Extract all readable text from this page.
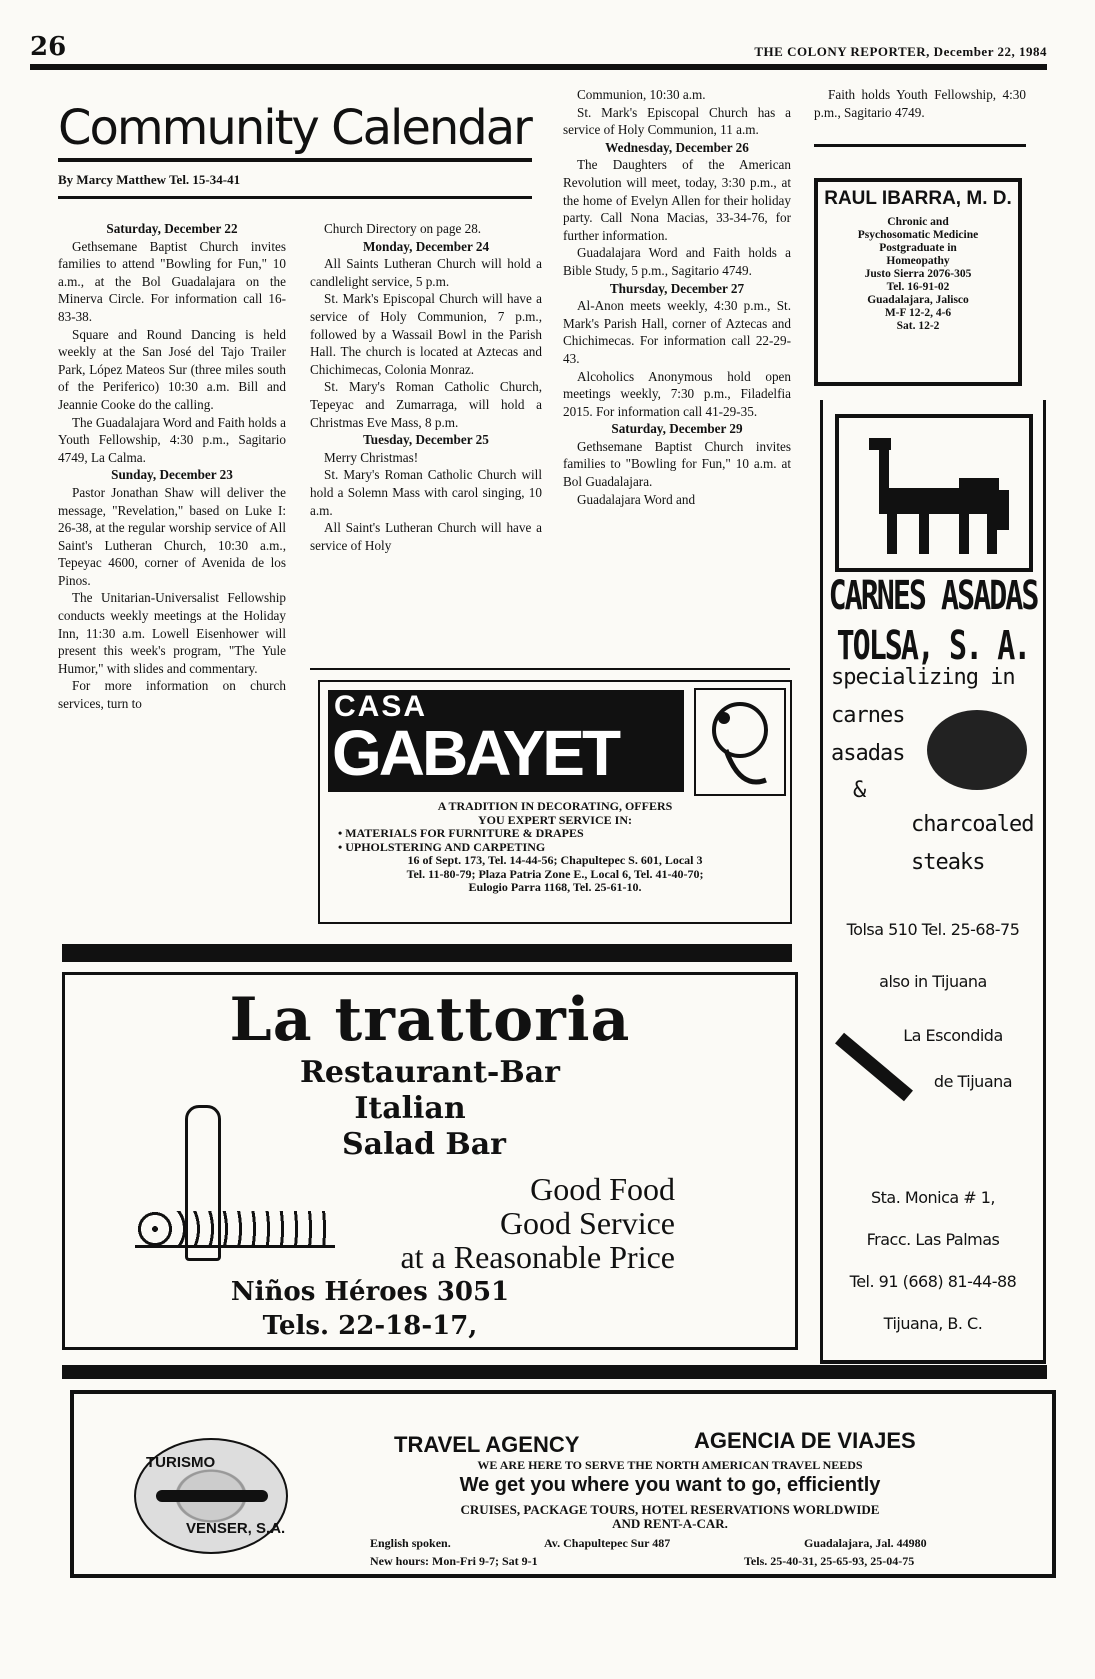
26	THE COLONY REPORTER, December 22, 1984
Community Calendar
By Marcy Matthew Tel. 15-34-41

Saturday, December 22

Gethsemane Baptist Church invites families to attend "Bowling for Fun," 10 a.m., at the Bol Guadalajara on the Minerva Circle. For information call 16-83-38.

Square and Round Dancing is held weekly at the San José del Tajo Trailer Park, López Mateos Sur (three miles south of the Periferico) 10:30 a.m. Bill and Jeannie Cooke do the calling.

The Guadalajara Word and Faith holds a Youth Fellowship, 4:30 p.m., Sagitario 4749, La Calma.

Sunday, December 23

Pastor Jonathan Shaw will deliver the message, "Revelation," based on Luke I: 26-38, at the regular worship service of All Saint's Lutheran Church, 10:30 a.m., Tepeyac 4600, corner of Avenida de los Pinos.

The Unitarian-Universalist Fellowship conducts weekly meetings at the Holiday Inn, 11:30 a.m. Lowell Eisenhower will present this week's program, "The Yule Humor," with slides and commentary.

For more information on church services, turn to

Church Directory on page 28.

Monday, December 24

All Saints Lutheran Church will hold a candlelight service, 5 p.m.

St. Mark's Episcopal Church will have a service of Holy Communion, 7 p.m., followed by a Wassail Bowl in the Parish Hall. The church is located at Aztecas and Chichimecas, Colonia Monraz.

St. Mary's Roman Catholic Church, Tepeyac and Zumarraga, will hold a Christmas Eve Mass, 8 p.m.

Tuesday, December 25

Merry Christmas!

St. Mary's Roman Catholic Church will hold a Solemn Mass with carol singing, 10 a.m.

All Saint's Lutheran Church will have a service of Holy

Communion, 10:30 a.m.

St. Mark's Episcopal Church has a service of Holy Communion, 11 a.m.

Wednesday, December 26

The Daughters of the American Revolution will meet, today, 3:30 p.m., at the home of Evelyn Allen for their holiday party. Call Nona Macias, 33-34-76, for further information.

Guadalajara Word and Faith holds a Bible Study, 5 p.m., Sagitario 4749.

Thursday, December 27

Al-Anon meets weekly, 4:30 p.m., St. Mark's Parish Hall, corner of Aztecas and Chichimecas. For information call 22-29-43.

Alcoholics Anonymous hold open meetings weekly, 7:30 p.m., Filadelfia 2015. For information call 41-29-35.

Saturday, December 29

Gethsemane Baptist Church invites families to "Bowling for Fun," 10 a.m. at Bol Guadalajara.

Guadalajara Word and

Faith holds Youth Fellowship, 4:30 p.m., Sagitario 4749.

RAUL IBARRA, M. D.
Chronic and
Psychosomatic Medicine
Postgraduate in
Homeopathy
Justo Sierra 2076-305
Tel. 16-91-02
Guadalajara, Jalisco
M-F 12-2, 4-6
Sat. 12-2
CARNES ASADAS
TOLSA, S. A.
specializing in
carnes
asadas
&
charcoaled
steaks
Tolsa 510 Tel. 25-68-75
also in Tijuana
La Escondida
de Tijuana
Sta. Monica # 1,
Fracc. Las Palmas
Tel. 91 (668) 81-44-88
Tijuana, B. C.
CASA
GABAYET
A TRADITION IN DECORATING, OFFERS
YOU EXPERT SERVICE IN:
• MATERIALS FOR FURNITURE & DRAPES
• UPHOLSTERING AND CARPETING
16 of Sept. 173, Tel. 14-44-56; Chapultepec S. 601, Local 3
Tel. 11-80-79; Plaza Patria Zone E., Local 6, Tel. 41-40-70;
Eulogio Parra 1168, Tel. 25-61-10.
La trattoria
Restaurant-Bar
Italian
Salad Bar
Good Food
Good Service
at a Reasonable Price
Niños Héroes 3051
Tels. 22-18-17,
TURISMO
VENSER, S.A.
TRAVEL AGENCY	AGENCIA DE VIAJES
WE ARE HERE TO SERVE THE NORTH AMERICAN TRAVEL NEEDS
We get you where you want to go, efficiently
CRUISES, PACKAGE TOURS, HOTEL RESERVATIONS WORLDWIDE
AND RENT-A-CAR.
English spoken.	Av. Chapultepec Sur 487	Guadalajara, Jal. 44980
New hours: Mon-Fri 9-7; Sat 9-1	Tels. 25-40-31, 25-65-93, 25-04-75
